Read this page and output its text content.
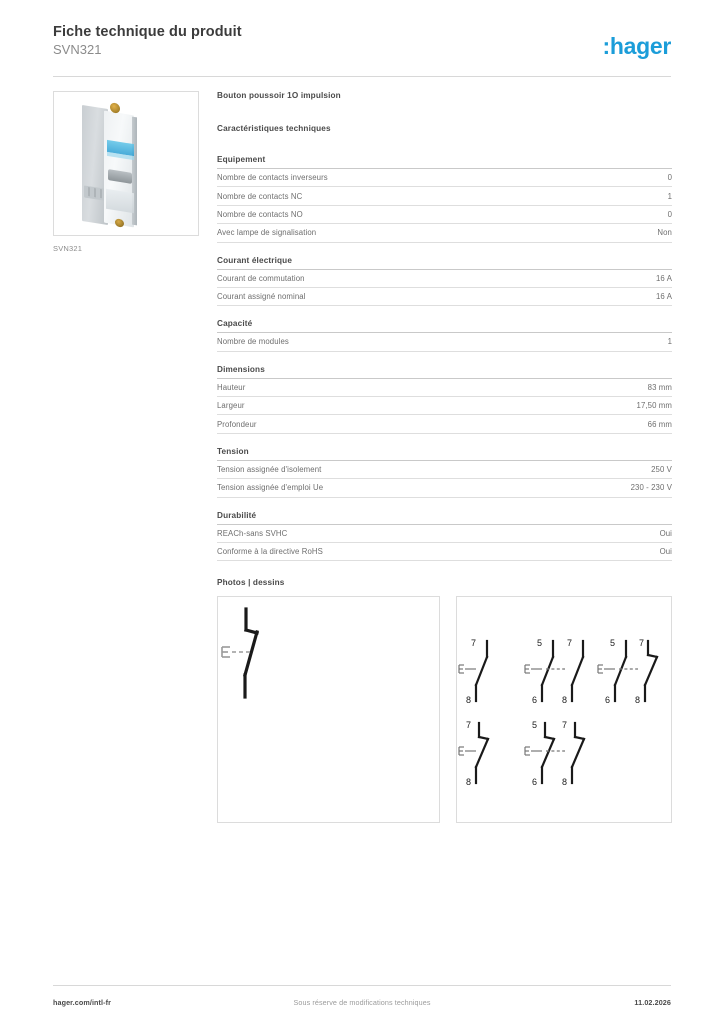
Fiche technique du produit
SVN321	:hager
SVN321
Bouton poussoir 1O impulsion
Caractéristiques techniques
Equipement
Nombre de contacts inverseurs	0
Nombre de contacts NC	1
Nombre de contacts NO	0
Avec lampe de signalisation	Non
Courant électrique
Courant de commutation	16 A
Courant assigné nominal	16 A
Capacité
Nombre de modules	1
Dimensions
Hauteur	83 mm
Largeur	17,50 mm
Profondeur	66 mm
Tension
Tension assignée d'isolement	250 V
Tension assignée d'emploi Ue	230 - 230 V
Durabilité
REACh-sans SVHC	Oui
Conforme à la directive RoHS	Oui
Photos | dessins
7
8
5
6
7
8
5
6
7
8
7
8
5
6
7
8
hager.com/intl-fr	Sous réserve de modifications techniques	11.02.2026
